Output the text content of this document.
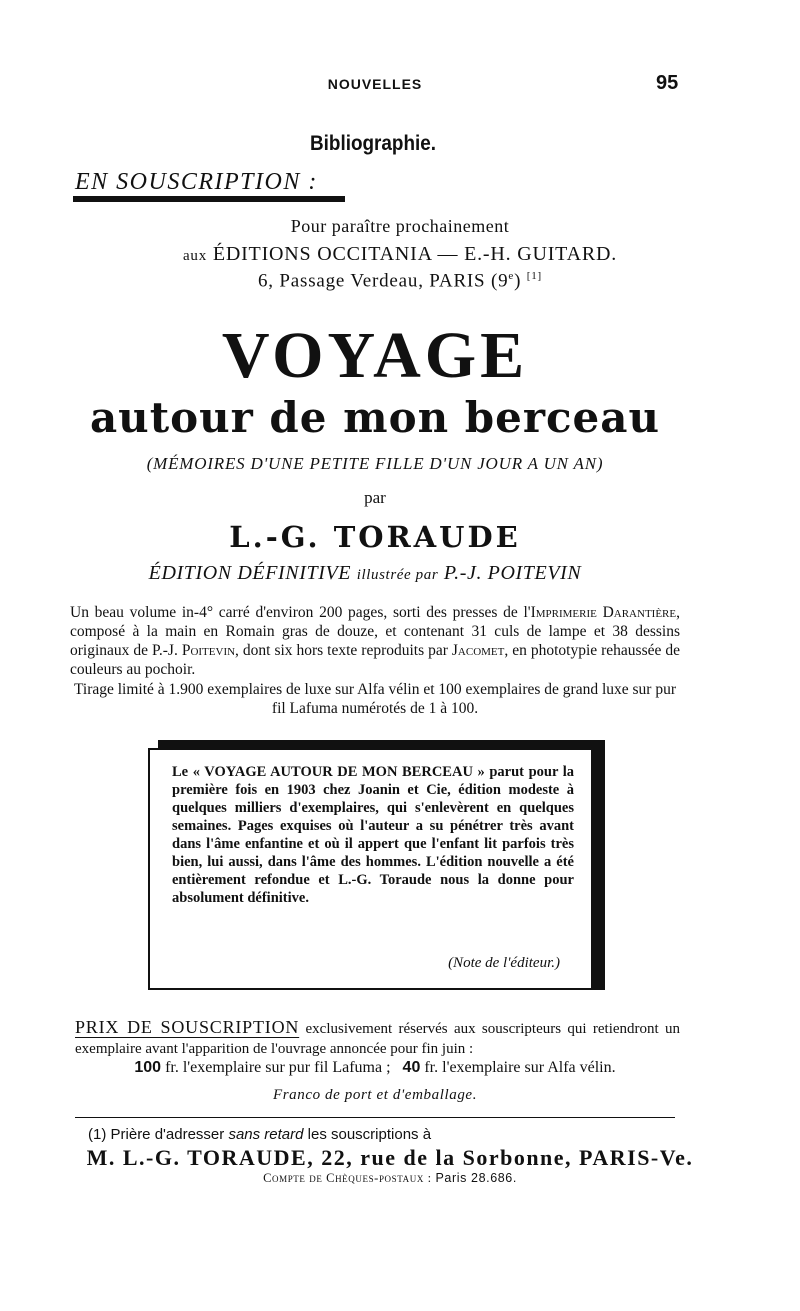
NOUVELLES	95
Bibliographie.
EN SOUSCRIPTION :
Pour paraître prochainement
aux ÉDITIONS OCCITANIA — E.-H. GUITARD.
6, Passage Verdeau, PARIS (9e) [1]
VOYAGE
autour de mon berceau
(MÉMOIRES D'UNE PETITE FILLE D'UN JOUR A UN AN)
par
L.-G. TORAUDE
ÉDITION DÉFINITIVE illustrée par P.-J. POITEVIN
Un beau volume in-4° carré d'environ 200 pages, sorti des presses de l'Imprimerie Darantière, composé à la main en Romain gras de douze, et contenant 31 culs de lampe et 38 dessins originaux de P.-J. Poitevin, dont six hors texte reproduits par Jacomet, en phototypie rehaussée de couleurs au pochoir.
Tirage limité à 1.900 exemplaires de luxe sur Alfa vélin et 100 exemplaires de grand luxe sur pur fil Lafuma numérotés de 1 à 100.
Le « VOYAGE AUTOUR DE MON BERCEAU » parut pour la première fois en 1903 chez Joanin et Cie, édition modeste à quelques milliers d'exemplaires, qui s'enlevèrent en quelques semaines. Pages exquises où l'auteur a su pénétrer très avant dans l'âme enfantine et où il appert que l'enfant lit parfois très bien, lui aussi, dans l'âme des hommes. L'édition nouvelle a été entièrement refondue et L.-G. Toraude nous la donne pour absolument définitive.
(Note de l'éditeur.)
PRIX DE SOUSCRIPTION exclusivement réservés aux souscripteurs qui retiendront un exemplaire avant l'apparition de l'ouvrage annoncée pour fin juin :
100 fr. l'exemplaire sur pur fil Lafuma ; 40 fr. l'exemplaire sur Alfa vélin.
Franco de port et d'emballage.
(1) Prière d'adresser sans retard les souscriptions à
M. L.-G. TORAUDE, 22, rue de la Sorbonne, PARIS-Ve.
Compte de Chèques-postaux : Paris 28.686.
